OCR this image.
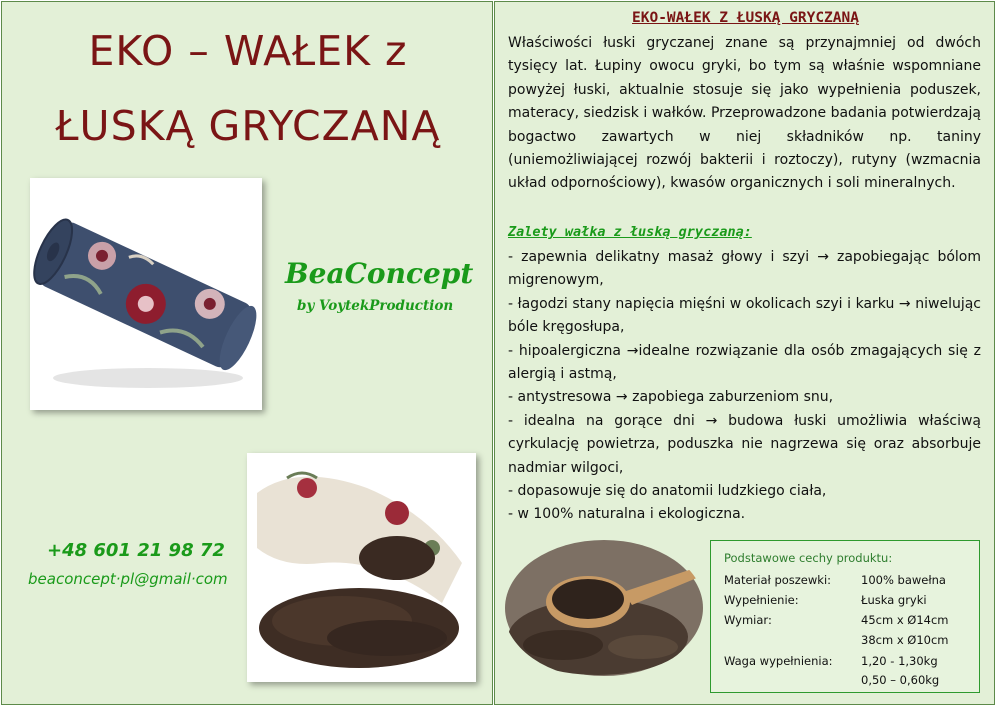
EKO – WAŁEK z
ŁUSKĄ GRYCZANĄ
BeaConcept
by VoytekProduction
+48 601 21 98 72
beaconcept·pl@gmail·com
EKO-WAŁEK Z ŁUSKĄ GRYCZANĄ
Właściwości łuski gryczanej znane są przynajmniej od dwóch tysięcy lat. Łupiny owocu gryki, bo tym są właśnie wspomniane powyżej łuski, aktualnie stosuje się jako wypełnienia poduszek, materacy, siedzisk i wałków. Przeprowadzone badania potwierdzają bogactwo zawartych w niej składników np. taniny (uniemożliwiającej rozwój bakterii i roztoczy), rutyny (wzmacnia układ odpornościowy), kwasów organicznych i soli mineralnych.
Zalety wałka z łuską gryczaną:
- zapewnia delikatny masaż głowy i szyi → zapobiegając bólom migrenowym,
- łagodzi stany napięcia mięśni w okolicach szyi i karku → niwelując bóle kręgosłupa,
- hipoalergiczna →idealne rozwiązanie dla osób zmagających się z alergią i astmą,
- antystresowa → zapobiega zaburzeniom snu,
- idealna na gorące dni → budowa łuski umożliwia właściwą cyrkulację powietrza, poduszka nie nagrzewa się oraz absorbuje nadmiar wilgoci,
- dopasowuje się do anatomii ludzkiego ciała,
- w 100% naturalna i ekologiczna.
Podstawowe cechy produktu:
Materiał poszewki:	100% bawełna
Wypełnienie:	Łuska gryki
Wymiar:	45cm x Ø14cm
38cm x Ø10cm
Waga wypełnienia: 1,20 - 1,30kg
0,50 – 0,60kg
